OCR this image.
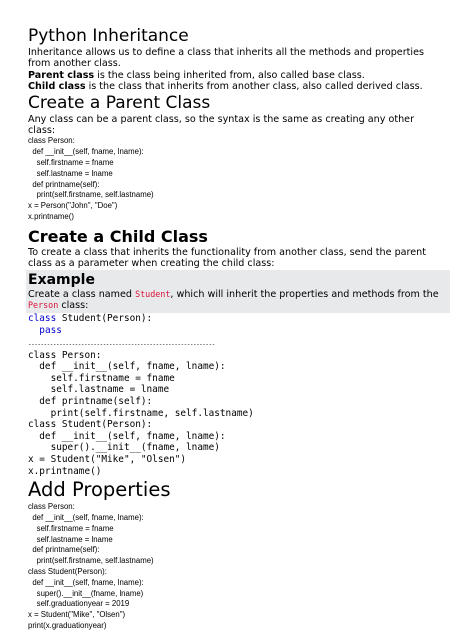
Python Inheritance

Inheritance allows us to define a class that inherits all the methods and properties from another class.

Parent class is the class being inherited from, also called base class.

Child class is the class that inherits from another class, also called derived class.

Create a Parent Class

Any class can be a parent class, so the syntax is the same as creating any other class:

class Person:

def __init__(self, fname, lname):

self.firstname = fname

self.lastname = lname

def printname(self):

print(self.firstname, self.lastname)

x = Person("John", "Doe")

x.printname()

Create a Child Class

To create a class that inherits the functionality from another class, send the parent class as a parameter when creating the child class:

Example

Create a class named Student, which will inherit the properties and methods from the Person class:

class Student(Person):

pass

------------------------------------------------------------

class Person:

def __init__(self, fname, lname):

self.firstname = fname

self.lastname = lname

def printname(self):

print(self.firstname, self.lastname)

class Student(Person):

def __init__(self, fname, lname):

super().__init__(fname, lname)

x = Student("Mike", "Olsen")

x.printname()

Add Properties

class Person:

def __init__(self, fname, lname):

self.firstname = fname

self.lastname = lname

def printname(self):

print(self.firstname, self.lastname)

class Student(Person):

def __init__(self, fname, lname):

super().__init__(fname, lname)

self.graduationyear = 2019

x = Student("Mike", "Olsen")

print(x.graduationyear)
